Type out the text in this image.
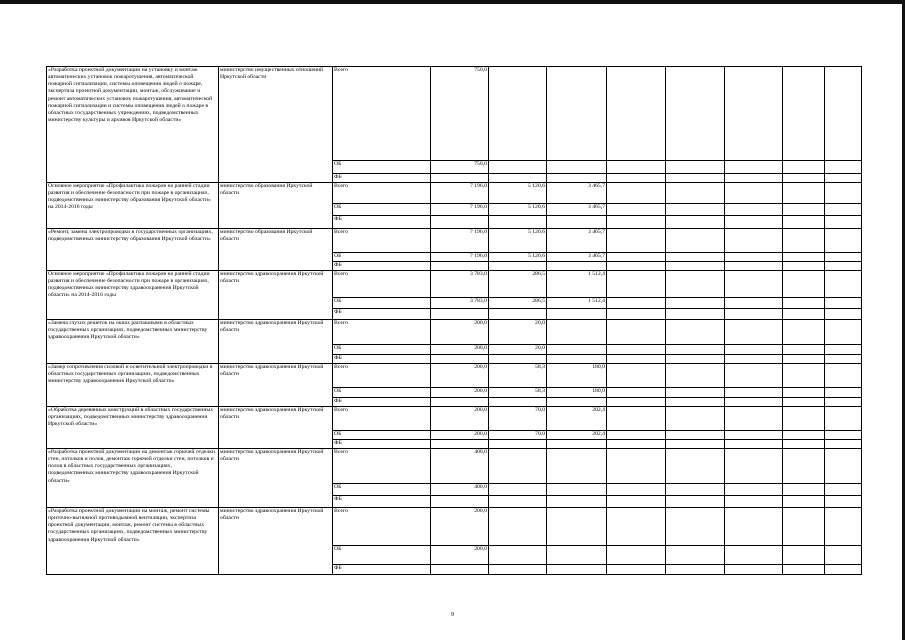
«Разработка проектной документации на установку и монтаж автоматических установок пожаротушения, автоматической пожарной сигнализации, системы оповещения людей о пожаре, экспертиза проектной документации, монтаж, обслуживание и ремонт автоматических установок пожаротушения, автоматической пожарной сигнализации и системы оповещения людей о пожаре в областных государственных учреждениях, подведомственных министерству культуры и архивов Иркутской области»	министерство имущественных отношений Иркутской области	Всего	750,0							
		ОБ	750,0							
		ФБ								
Основное мероприятие «Профилактика пожаров на ранней стадии развития и обеспечение безопасности при пожаре в организациях, подведомственных министерству образования Иркутской области» на 2014-2016 годы	министерство образования Иркутской области	Всего	7 196,0	5 120,6	3 465,7					
		ОБ	7 196,0	5 120,6	3 465,7					
		ФБ								
«Ремонт, замена электропроводки в государственных организациях, подведомственных министерству образования Иркутской области»	министерство образования Иркутской области	Всего	7 196,0	5 120,6	3 465,7					
		ОБ	7 196,0	5 120,6	3 465,7					
		ФБ								
Основное мероприятие «Профилактика пожаров на ранней стадии развития и обеспечение безопасности при пожаре в организациях, подведомственных министерству здравоохранения Иркутской области» на 2014-2016 годы	министерство здравоохранения Иркутской области	Всего	3 783,0	286,5	1 512,4					
		ОБ	3 783,0	286,5	1 512,4					
		ФБ								
«Замена глухих решеток на окнах распашными в областных государственных организациях, подведомственных министерству здравоохранения Иркутской области»	министерство здравоохранения Иркутской области	Всего	200,0	20,0						
		ОБ	200,0	20,0						
		ФБ								
«Замер сопротивления силовой и осветительной электропроводки в областных государственных организациях, подведомственных министерству здравоохранения Иркутской области»	министерство здравоохранения Иркутской области	Всего	200,0	58,3	180,0					
		ОБ	200,0	58,3	180,0					
		ФБ								
«Обработка деревянных конструкций в областных государственных организациях, подведомственных министерству здравоохранения Иркутской области»	министерство здравоохранения Иркутской области	Всего	200,0	70,0	202,4					
		ОБ	200,0	70,0	202,4					
		ФБ								
«Разработка проектной документации на демонтаж горючей отделки стен, потолков и полов, демонтаж горючей отделки стен, потолков и полов в областных государственных организациях, подведомственных министерству здравоохранения Иркутской области»	министерство здравоохранения Иркутской области	Всего	400,0							
		ОБ	400,0							
		ФБ								
«Разработка проектной документации на монтаж, ремонт системы приточно-вытяжной противодымной вентиляции, экспертиза проектной документации, монтаж, ремонт системы в областных государственных организациях, подведомственных министерству здравоохранения Иркутской области»	министерство здравоохранения Иркутской области	Всего	200,0							
		ОБ	200,0							
		ФБ								
9
